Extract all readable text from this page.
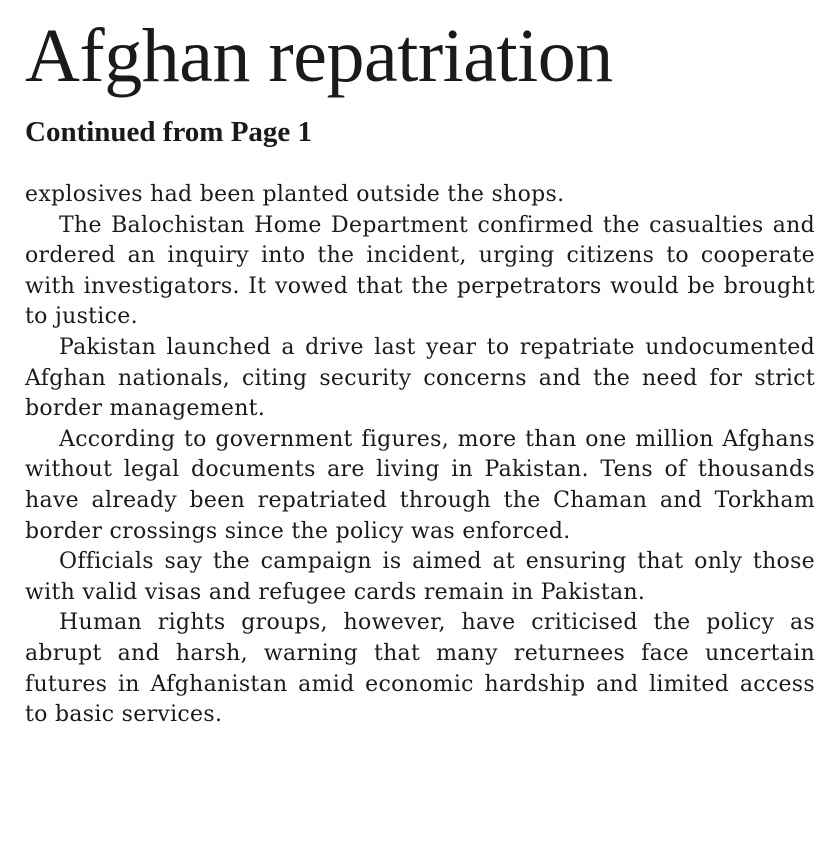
Afghan repatriation
Continued from Page 1

explosives had been planted outside the shops.

The Balochistan Home Department confirmed the casualties and ordered an inquiry into the incident, urging citizens to cooperate with investigators. It vowed that the perpetrators would be brought to justice.

Pakistan launched a drive last year to repatriate undocumented Afghan nationals, citing security concerns and the need for strict border management.

According to government figures, more than one million Afghans without legal documents are living in Pakistan. Tens of thousands have already been repatriated through the Chaman and Torkham border crossings since the policy was enforced.

Officials say the campaign is aimed at ensuring that only those with valid visas and refugee cards remain in Pakistan.

Human rights groups, however, have criticised the policy as abrupt and harsh, warning that many returnees face uncertain futures in Afghanistan amid economic hardship and limited access to basic services.
